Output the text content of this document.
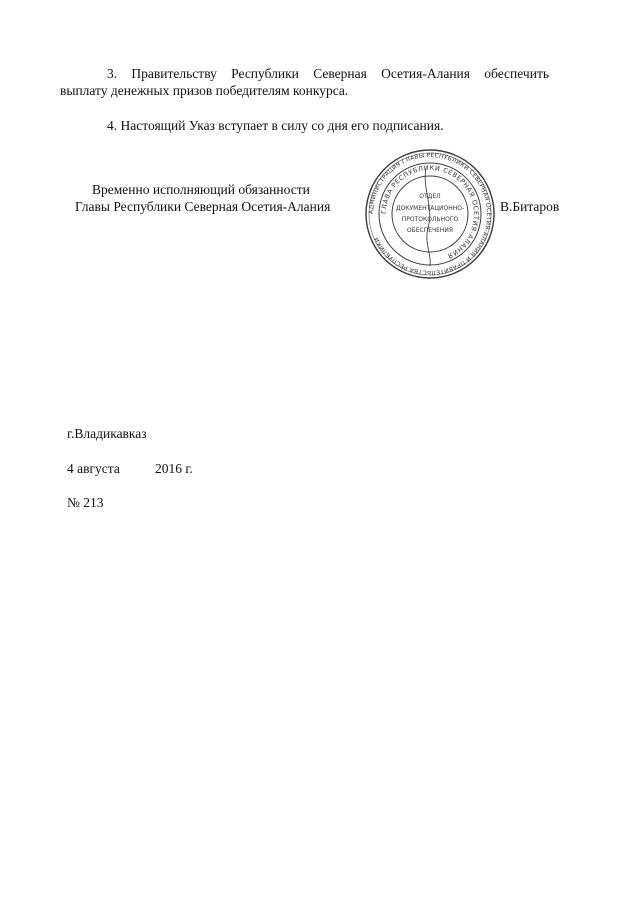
3. Правительству Республики Северная Осетия-Алания обеспечить
выплату денежных призов победителям конкурса.
4. Настоящий Указ вступает в силу со дня его подписания.
Временно исполняющий обязанности
Главы Республики Северная Осетия-Алания	В.Битаров
АДМИНИСТРАЦИЯ ГЛАВЫ РЕСПУБЛИКИ СЕВЕРНАЯ ОСЕТИЯ-АЛАНИЯ И ПРАВИТЕЛЬСТВА РЕСПУБЛИКИ
ГЛАВА РЕСПУБЛИКИ СЕВЕРНАЯ ОСЕТИЯ-АЛАНИЯ
ОТДЕЛ
ДОКУМЕНТАЦИОННО-
ПРОТОКОЛЬНОГО
ОБЕСПЕЧЕНИЯ
г.Владикавказ
4 августа	2016 г.
№ 213
